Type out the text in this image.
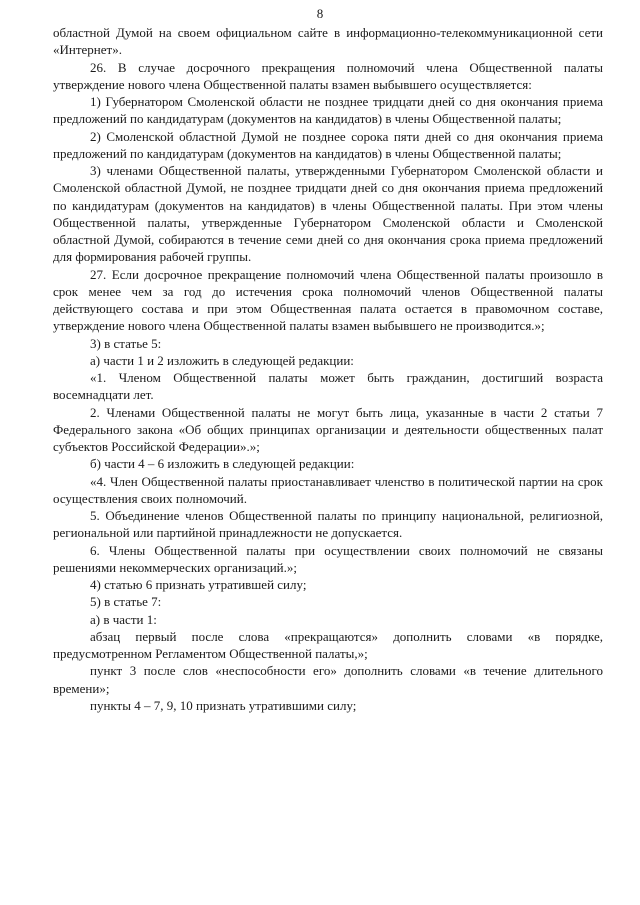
8

областной Думой на своем официальном сайте в информационно-телекоммуникационной сети «Интернет».

26. В случае досрочного прекращения полномочий члена Общественной палаты утверждение нового члена Общественной палаты взамен выбывшего осуществляется:

1) Губернатором Смоленской области не позднее тридцати дней со дня окончания приема предложений по кандидатурам (документов на кандидатов) в члены Общественной палаты;

2) Смоленской областной Думой не позднее сорока пяти дней со дня окончания приема предложений по кандидатурам (документов на кандидатов) в члены Общественной палаты;

3) членами Общественной палаты, утвержденными Губернатором Смоленской области и Смоленской областной Думой, не позднее тридцати дней со дня окончания приема предложений по кандидатурам (документов на кандидатов) в члены Общественной палаты. При этом члены Общественной палаты, утвержденные Губернатором Смоленской области и Смоленской областной Думой, собираются в течение семи дней со дня окончания срока приема предложений для формирования рабочей группы.

27. Если досрочное прекращение полномочий члена Общественной палаты произошло в срок менее чем за год до истечения срока полномочий членов Общественной палаты действующего состава и при этом Общественная палата остается в правомочном составе, утверждение нового члена Общественной палаты взамен выбывшего не производится.»;

3) в статье 5:

а) части 1 и 2 изложить в следующей редакции:

«1. Членом Общественной палаты может быть гражданин, достигший возраста восемнадцати лет.

2. Членами Общественной палаты не могут быть лица, указанные в части 2 статьи 7 Федерального закона «Об общих принципах организации и деятельности общественных палат субъектов Российской Федерации».»;

б) части 4 – 6 изложить в следующей редакции:

«4. Член Общественной палаты приостанавливает членство в политической партии на срок осуществления своих полномочий.

5. Объединение членов Общественной палаты по принципу национальной, религиозной, региональной или партийной принадлежности не допускается.

6. Члены Общественной палаты при осуществлении своих полномочий не связаны решениями некоммерческих организаций.»;

4) статью 6 признать утратившей силу;

5) в статье 7:

а) в части 1:

абзац первый после слова «прекращаются» дополнить словами «в порядке, предусмотренном Регламентом Общественной палаты,»;

пункт 3 после слов «неспособности его» дополнить словами «в течение длительного времени»;

пункты 4 – 7, 9, 10 признать утратившими силу;
